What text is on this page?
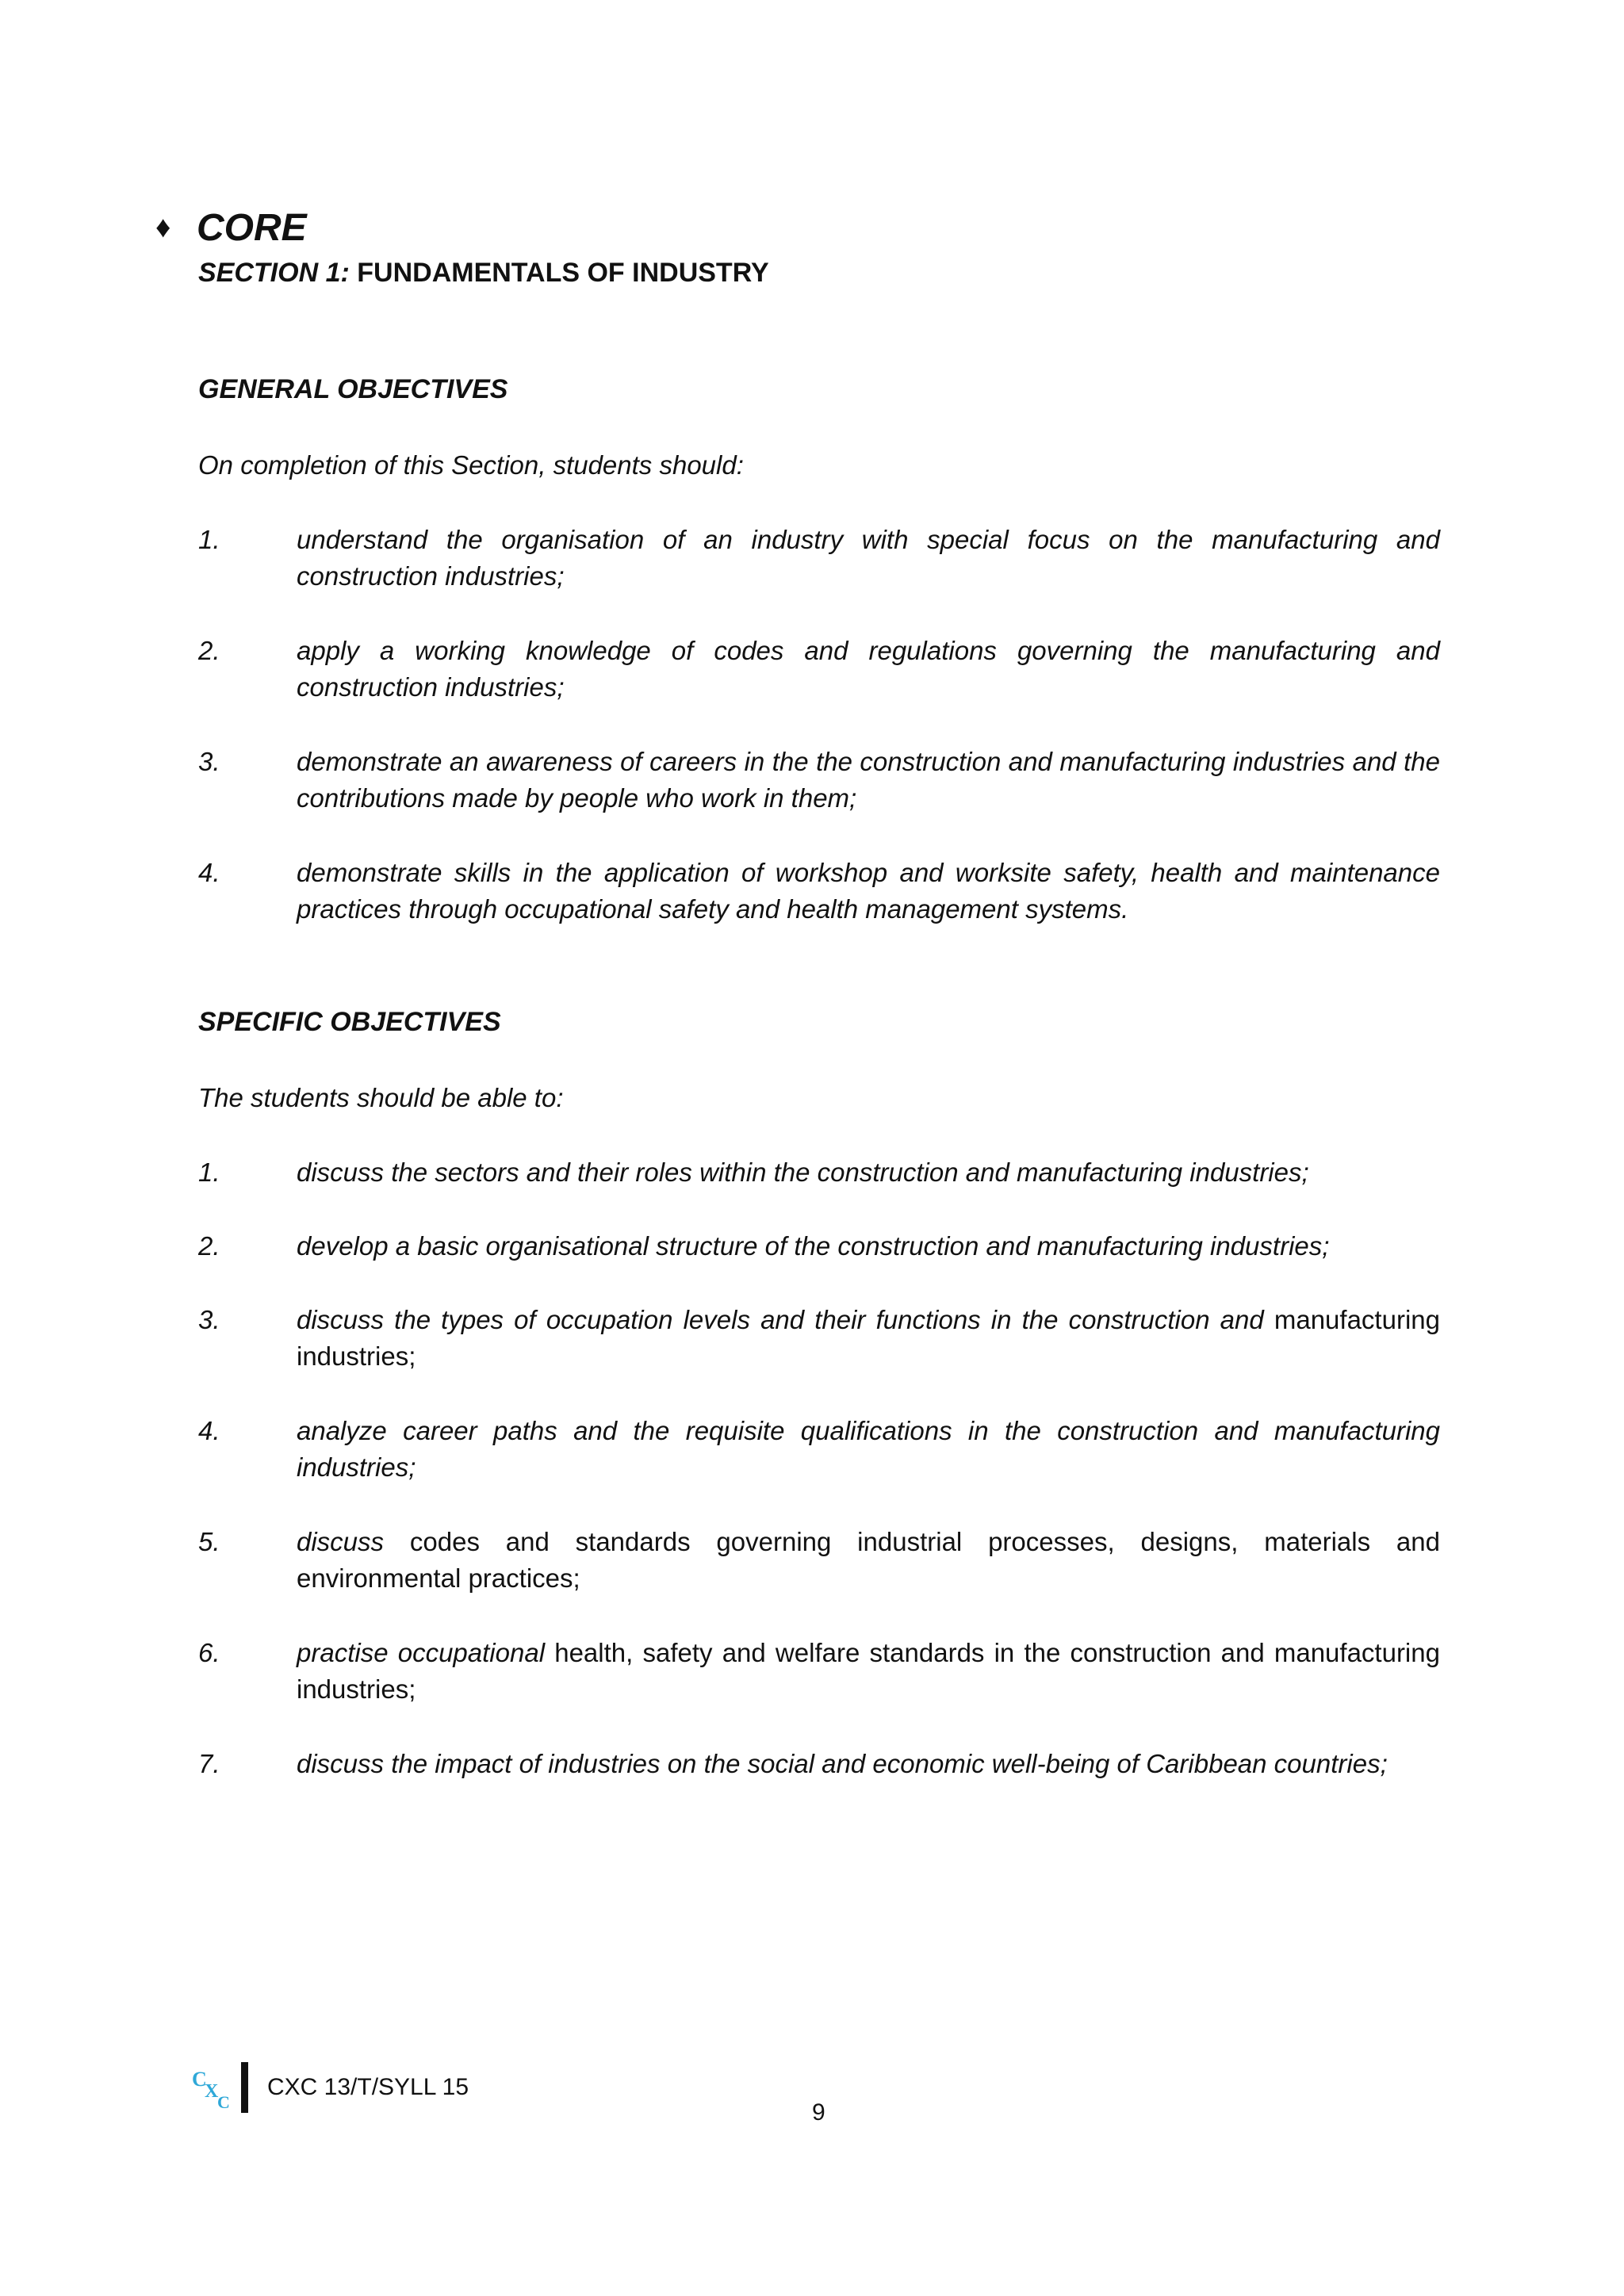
♦ CORE
SECTION 1: FUNDAMENTALS OF INDUSTRY
GENERAL OBJECTIVES
On completion of this Section, students should:
1.	understand the organisation of an industry with special focus on the manufacturing and construction industries;
2.	apply a working knowledge of codes and regulations governing the manufacturing and construction industries;
3.	demonstrate an awareness of careers in the the construction and manufacturing industries and the contributions made by people who work in them;
4.	demonstrate skills in the application of workshop and worksite safety, health and maintenance practices through occupational safety and health management systems.
SPECIFIC OBJECTIVES
The students should be able to:
1.	discuss the sectors and their roles within the construction and manufacturing industries;
2.	develop a basic organisational structure of the construction and manufacturing industries;
3.	discuss the types of occupation levels and their functions in the construction and manufacturing industries;
4.	analyze career paths and the requisite qualifications in the construction and manufacturing industries;
5.	discuss codes and standards governing industrial processes, designs, materials and environmental practices;
6.	practise occupational health, safety and welfare standards in the construction and manufacturing industries;
7.	discuss the impact of industries on the social and economic well-being of Caribbean countries;
C
X
C
CXC 13/T/SYLL 15
9
